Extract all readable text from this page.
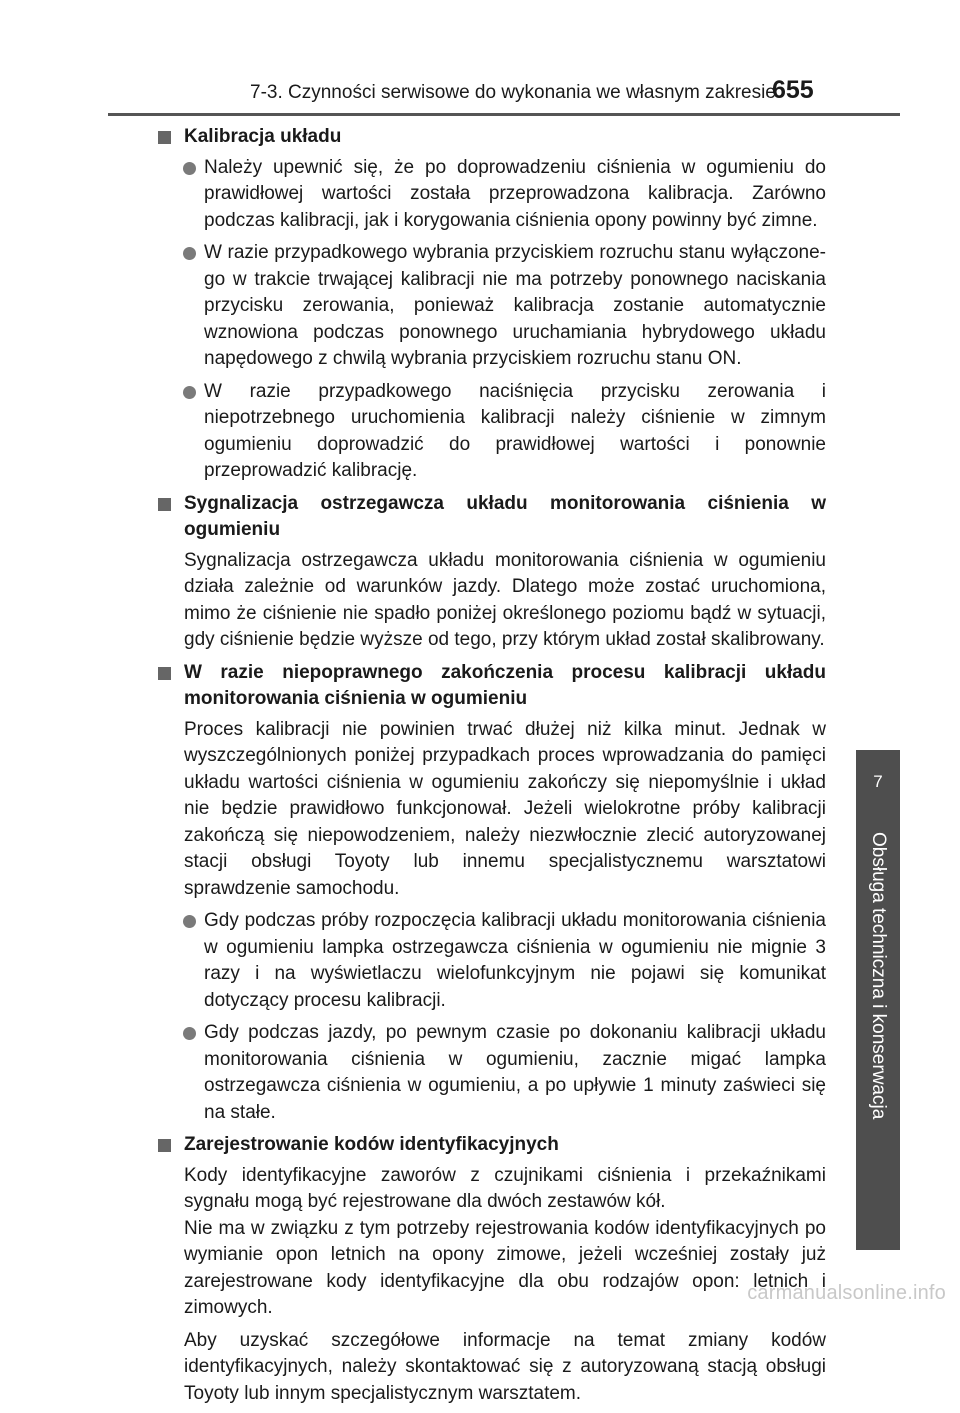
7-3. Czynności serwisowe do wykonania we własnym zakresie
655
7
Obsługa techniczna i konserwacja
Kalibracja układu
Należy upewnić się, że po doprowadzeniu ciśnienia w ogumieniu do prawidłowej wartości została przeprowadzona kalibracja. Zarówno podczas kalibracji, jak i korygowania ciśnienia opony powinny być zimne.
W razie przypadkowego wybrania przyciskiem rozruchu stanu wyłączone-go w trakcie trwającej kalibracji nie ma potrzeby ponownego naciskania przycisku zerowania, ponieważ kalibracja zostanie automatycznie wznowiona podczas ponownego uruchamiania hybrydowego układu napędowego z chwilą wybrania przyciskiem rozruchu stanu ON.
W razie przypadkowego naciśnięcia przycisku zerowania i niepotrzebnego uruchomienia kalibracji należy ciśnienie w zimnym ogumieniu doprowadzić do prawidłowej wartości i ponownie przeprowadzić kalibrację.
Sygnalizacja ostrzegawcza układu monitorowania ciśnienia w ogumieniu
Sygnalizacja ostrzegawcza układu monitorowania ciśnienia w ogumieniu działa zależnie od warunków jazdy. Dlatego może zostać uruchomiona, mimo że ciśnienie nie spadło poniżej określonego poziomu bądź w sytuacji, gdy ciśnienie będzie wyższe od tego, przy którym układ został skalibrowany.
W razie niepoprawnego zakończenia procesu kalibracji układu monitorowania ciśnienia w ogumieniu
Proces kalibracji nie powinien trwać dłużej niż kilka minut. Jednak w wyszczególnionych poniżej przypadkach proces wprowadzania do pamięci układu wartości ciśnienia w ogumieniu zakończy się niepomyślnie i układ nie będzie prawidłowo funkcjonował. Jeżeli wielokrotne próby kalibracji zakończą się niepowodzeniem, należy niezwłocznie zlecić autoryzowanej stacji obsługi Toyoty lub innemu specjalistycznemu warsztatowi sprawdzenie samochodu.
Gdy podczas próby rozpoczęcia kalibracji układu monitorowania ciśnienia w ogumieniu lampka ostrzegawcza ciśnienia w ogumieniu nie mignie 3 razy i na wyświetlaczu wielofunkcyjnym nie pojawi się komunikat dotyczący procesu kalibracji.
Gdy podczas jazdy, po pewnym czasie po dokonaniu kalibracji układu monitorowania ciśnienia w ogumieniu, zacznie migać lampka ostrzegawcza ciśnienia w ogumieniu, a po upływie 1 minuty zaświeci się na stałe.
Zarejestrowanie kodów identyfikacyjnych
Kody identyfikacyjne zaworów z czujnikami ciśnienia i przekaźnikami sygnału mogą być rejestrowane dla dwóch zestawów kół.
Nie ma w związku z tym potrzeby rejestrowania kodów identyfikacyjnych po wymianie opon letnich na opony zimowe, jeżeli wcześniej zostały już zarejestrowane kody identyfikacyjne dla obu rodzajów opon: letnich i zimowych.
Aby uzyskać szczegółowe informacje na temat zmiany kodów identyfikacyjnych, należy skontaktować się z autoryzowaną stacją obsługi Toyoty lub innym specjalistycznym warsztatem.
carmanualsonline.info
